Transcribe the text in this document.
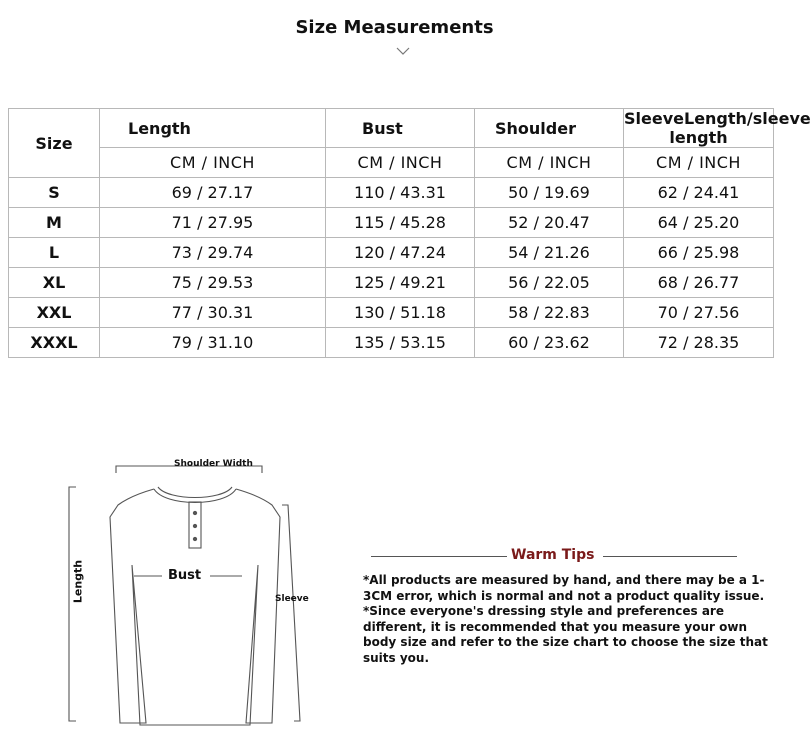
Size Measurements
Size	Length	Bust	Shoulder	SleeveLength/sleeve length
	CM / INCH	CM / INCH	CM / INCH	CM / INCH
S	69 / 27.17	110 / 43.31	50 / 19.69	62 / 24.41
M	71 / 27.95	115 / 45.28	52 / 20.47	64 / 25.20
L	73 / 29.74	120 / 47.24	54 / 21.26	66 / 25.98
XL	75 / 29.53	125 / 49.21	56 / 22.05	68 / 26.77
XXL	77 / 30.31	130 / 51.18	58 / 22.83	70 / 27.56
XXXL	79 / 31.10	135 / 53.15	60 / 23.62	72 / 28.35
Shoulder Width
Bust
Sleeve
Length
Warm Tips
*All products are measured by hand, and there may be a 1-3CM error, which is normal and not a product quality issue. *Since everyone's dressing style and preferences are different, it is recommended that you measure your own body size and refer to the size chart to choose the size that suits you.
